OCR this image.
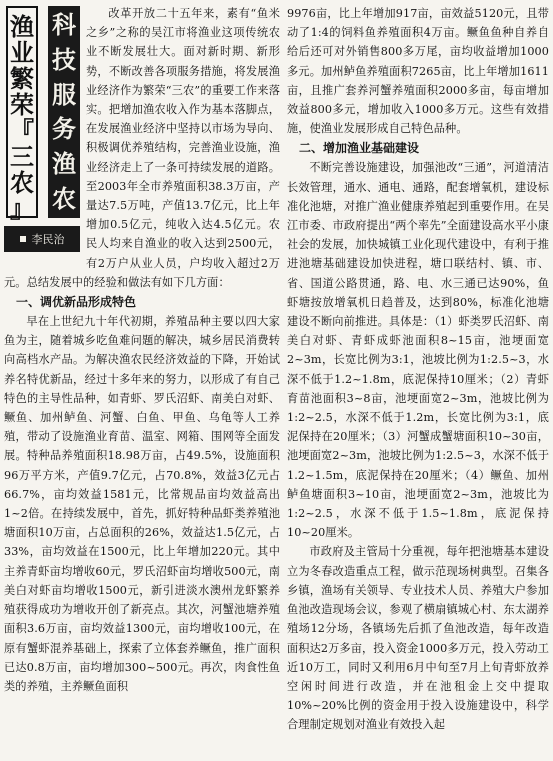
渔
业
繁
荣
『
三
农
』
科
技
服
务
渔
农
李民治

改革开放二十五年来，素有“鱼米之乡”之称的吴江市将渔业这项传统农业不断发展壮大。面对新时期、新形势，不断改善各项服务措施，将发展渔业经济作为繁荣“三农”的重要工作来落实。把增加渔农收入作为基本落脚点，在发展渔业经济中坚持以市场为导向、积极调优养殖结构，完善渔业设施，渔业经济走上了一条可持续发展的道路。至2003年全市养殖面积38.3万亩，产量达7.5万吨，产值13.7亿元，比上年增加0.5亿元，纯收入达4.5亿元。农民人均来自渔业的收入达到2500元，有2万户从业人员，户均收入超过2万元。总结发展中的经验和做法有如下几方面：

一、调优新品形成特色

早在上世纪九十年代初期，养殖品种主要以四大家鱼为主，随着城乡吃鱼难问题的解决，城乡居民消费转向高档水产品。为解决渔农民经济效益的下降，开始试养名特优新品，经过十多年来的努力，以形成了有自己特色的主导性品种，如青虾、罗氏沼虾、南美白对虾、鳜鱼、加州鲈鱼、河蟹、白鱼、甲鱼、乌龟等人工养殖，带动了设施渔业育苗、温室、网箱、围网等全面发展。特种品养殖面积18.98万亩，占49.5%，设施面积96万平方米，产值9.7亿元，占70.8%，效益3亿元占66.7%，亩均效益1581元，比常规品亩均效益高出1~2倍。在持续发展中，首先，抓好特种品虾类养殖池塘面积10万亩，占总面积的26%，效益达1.5亿元，占33%，亩均效益在1500元，比上年增加220元。其中主养青虾亩均增收60元，罗氏沼虾亩均增收500元，南美白对虾亩均增收1500元，新引进淡水澳州龙虾繁养殖获得成功为增收开创了新亮点。其次，河蟹池塘养殖面积3.6万亩，亩均效益1300元，亩均增收100元，在原有蟹虾混养基础上，探索了立体套养鳜鱼，推广面积已达0.8万亩，亩均增加300~500元。再次，肉食性鱼类的养殖，主养鳜鱼面积

9976亩，比上年增加917亩，亩效益5120元，且带动了1:4的饲料鱼养殖面积4万亩。鳜鱼鱼种自养自给后还可对外销售800多万尾，亩均收益增加1000多元。加州鲈鱼养殖面积7265亩，比上年增加1611亩，且推广套养河蟹养殖面积2000多亩，每亩增加效益800多元，增加收入1000多万元。这些有效措施，使渔业发展形成自己特色品种。

二、增加渔业基础建设

不断完善设施建设，加强池改“三通”，河道清洁长效管理，通水、通电、通路，配套增氧机，建设标准化池塘，对推广渔业健康养殖起到重要作用。在吴江市委、市政府提出“两个率先”全面建设高水平小康社会的发展，加快城镇工业化现代建设中，有利于推进池塘基础建设加快进程，塘口联结村、镇、市、省、国道公路贯通，路、电、水三通已达90%，鱼虾塘按放增氧机日趋普及，达到80%，标准化池塘建设不断向前推进。具体是：（1）虾类罗氏沼虾、南美白对虾、青虾成虾池面积8~15亩，池埂面宽2~3m，长宽比例为3:1，池坡比例为1:2.5~3，水深不低于1.2~1.8m，底泥保持10厘米；（2）青虾育苗池面积3~8亩，池埂面宽2~3m，池坡比例为1:2~2.5，水深不低于1.2m，长宽比例为3:1，底泥保持在20厘米；（3）河蟹成蟹塘面积10~30亩，池埂面宽2~3m，池坡比例为1:2.5~3，水深不低于1.2~1.5m，底泥保持在20厘米；（4）鳜鱼、加州鲈鱼塘面积3~10亩，池埂面宽2~3m，池坡比为1:2~2.5，水深不低于1.5~1.8m，底泥保持10~20厘米。

市政府及主管局十分重视，每年把池塘基本建设立为冬春改造重点工程，做示范现场树典型。召集各乡镇，渔场有关领导、专业技术人员、养殖大户参加鱼池改造现场会议，参观了横扇镇城心村、东太湖养殖场12分场，各镇场先后抓了鱼池改造，每年改造面积达2万多亩，投入资金1000多万元，投入劳动工近10万工，同时又利用6月中旬至7月上旬青虾放养空闲时间进行改造，并在池租金上交中提取10%~20%比例的资金用于投入设施建设中，科学合理制定规划对渔业有效投入起
